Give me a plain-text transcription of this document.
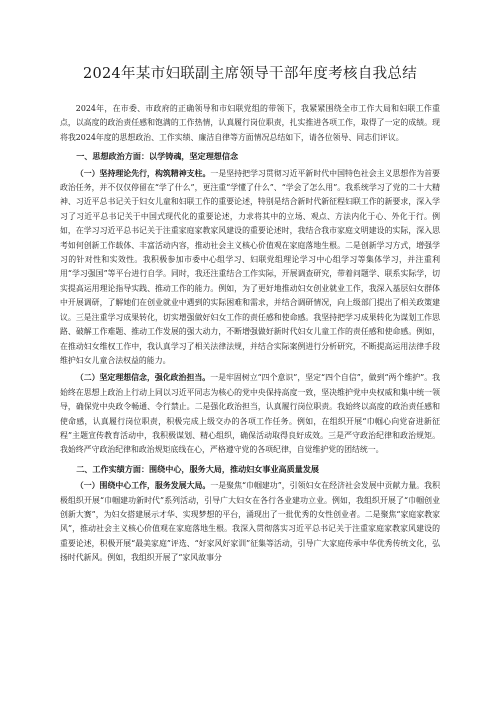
2024年某市妇联副主席领导干部年度考核自我总结

2024年，在市委、市政府的正确领导和市妇联党组的带领下，我紧紧围绕全市工作大局和妇联工作重点，以高度的政治责任感和饱满的工作热情，认真履行岗位职责，扎实推进各项工作，取得了一定的成绩。现将我2024年度的思想政治、工作实绩、廉洁自律等方面情况总结如下，请各位领导、同志们评议。

一、思想政治方面：以学铸魂，坚定理想信念

（一）坚持理论先行，构筑精神支柱。一是坚持把学习贯彻习近平新时代中国特色社会主义思想作为首要政治任务，并不仅仅停留在“学了什么”，更注重“学懂了什么”、“学会了怎么用”。我系统学习了党的二十大精神、习近平总书记关于妇女儿童和妇联工作的重要论述，特别是结合新时代新征程妇联工作的新要求，深入学习了习近平总书记关于中国式现代化的重要论述，力求将其中的立场、观点、方法内化于心、外化于行。例如，在学习习近平总书记关于注重家庭家教家风建设的重要论述时，我结合我市家庭文明建设的实际，深入思考如何创新工作载体、丰富活动内容，推动社会主义核心价值观在家庭落地生根。二是创新学习方式，增强学习的针对性和实效性。我积极参加市委中心组学习、妇联党组理论学习中心组学习等集体学习，并注重利用“学习强国”等平台进行自学。同时，我还注重结合工作实际，开展调查研究，带着问题学、联系实际学，切实提高运用理论指导实践、推动工作的能力。例如，为了更好地推动妇女创业就业工作，我深入基层妇女群体中开展调研，了解她们在创业就业中遇到的实际困难和需求，并结合调研情况，向上级部门提出了相关政策建议。三是注重学习成果转化，切实增强做好妇女工作的责任感和使命感。我坚持把学习成果转化为谋划工作思路、破解工作难题、推动工作发展的强大动力，不断增强做好新时代妇女儿童工作的责任感和使命感。例如，在推动妇女维权工作中，我认真学习了相关法律法规，并结合实际案例进行分析研究，不断提高运用法律手段维护妇女儿童合法权益的能力。

（二）坚定理想信念，强化政治担当。一是牢固树立“四个意识”，坚定“四个自信”，做到“两个维护”。我始终在思想上政治上行动上同以习近平同志为核心的党中央保持高度一致，坚决维护党中央权威和集中统一领导，确保党中央政令畅通、令行禁止。二是强化政治担当，认真履行岗位职责。我始终以高度的政治责任感和使命感，认真履行岗位职责，积极完成上级交办的各项工作任务。例如，在组织开展“巾帼心向党奋进新征程”主题宣传教育活动中，我积极谋划、精心组织，确保活动取得良好成效。三是严守政治纪律和政治规矩。我始终严守政治纪律和政治规矩底线在心，严格遵守党的各项纪律，自觉维护党的团结统一。

二、工作实绩方面：围绕中心，服务大局，推动妇女事业高质量发展

（一）围绕中心工作，服务发展大局。一是聚焦“巾帼建功”，引领妇女在经济社会发展中贡献力量。我积极组织开展“巾帼建功新时代”系列活动，引导广大妇女在各行各业建功立业。例如，我组织开展了“巾帼创业创新大赛”，为妇女搭建展示才华、实现梦想的平台，涌现出了一批优秀的女性创业者。二是聚焦“家庭家教家风”，推动社会主义核心价值观在家庭落地生根。我深入贯彻落实习近平总书记关于注重家庭家教家风建设的重要论述，积极开展“最美家庭”评选、“好家风好家训”征集等活动，引导广大家庭传承中华优秀传统文化，弘扬时代新风。例如，我组织开展了“家风故事分
